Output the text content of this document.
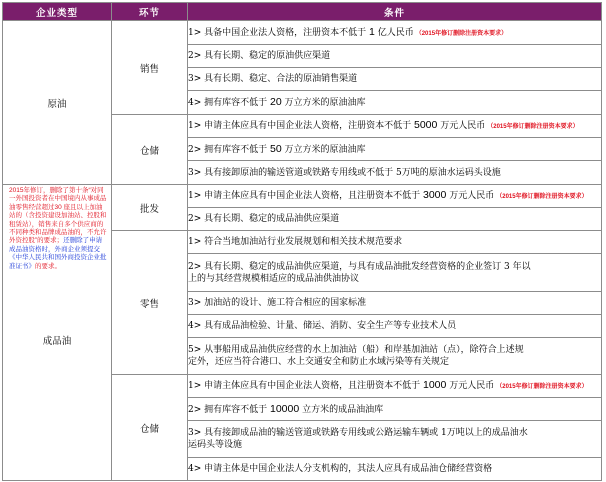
企业类型	环节	条件
原油	销售	1> 具备中国企业法人资格，注册资本不低于 1 亿人民币 （2015年修订删除注册资本要求）
		2> 具有长期、稳定的原油供应渠道
		3> 具有长期、稳定、合法的原油销售渠道
		4> 拥有库容不低于 20 万立方米的原油油库
	仓储	1> 申请主体应具有中国企业法人资格，注册资本不低于 5000 万元人民币 （2015年修订删除注册资本要求）
		2> 拥有库容不低于 50 万立方米的原油油库
		3> 具有接卸原油的输送管道或铁路专用线或不低于 5万吨的原油水运码头设施

2015年修订，删除了第十条“对同一外国投资者在中国境内从事成品油零售经营超过30 座且以上加油站的（含投资建设加油站、控股和租赁站），销售来自多个供应商的不同种类和品牌成品油的，不允许外资控股”的要求；还删除了申请成品油资格时，外商企业须提交《中华人民共和国外商投资企业批准证书》的要求。
成品油	批发	1> 申请主体应具有中国企业法人资格，且注册资本不低于 3000 万元人民币 （2015年修订删除注册资本要求）
		2> 具有长期、稳定的成品油供应渠道
	零售	1> 符合当地加油站行业发展规划和相关技术规范要求

		2> 具有长期、稳定的成品油供应渠道，与具有成品油批发经营资格的企业签订 3 年以
上的与其经营规模相适应的成品油供油协议

		3> 加油站的设计、施工符合相应的国家标准
		4> 具有成品油检验、计量、储运、消防、安全生产等专业技术人员

		5> 从事船用成品油供应经营的水上加油站（船）和岸基加油站（点），除符合上述规
定外，还应当符合港口、水上交通安全和防止水域污染等有关规定

	仓储	1> 申请主体应具有中国企业法人资格，且注册资本不低于 1000 万元人民币 （2015年修订删除注册资本要求）
		2> 拥有库容不低于 10000 立方米的成品油油库

		3> 具有接卸成品油的输送管道或铁路专用线或公路运输车辆或 1万吨以上的成品油水
运码头等设施

		4> 申请主体是中国企业法人分支机构的，其法人应具有成品油仓储经营资格
